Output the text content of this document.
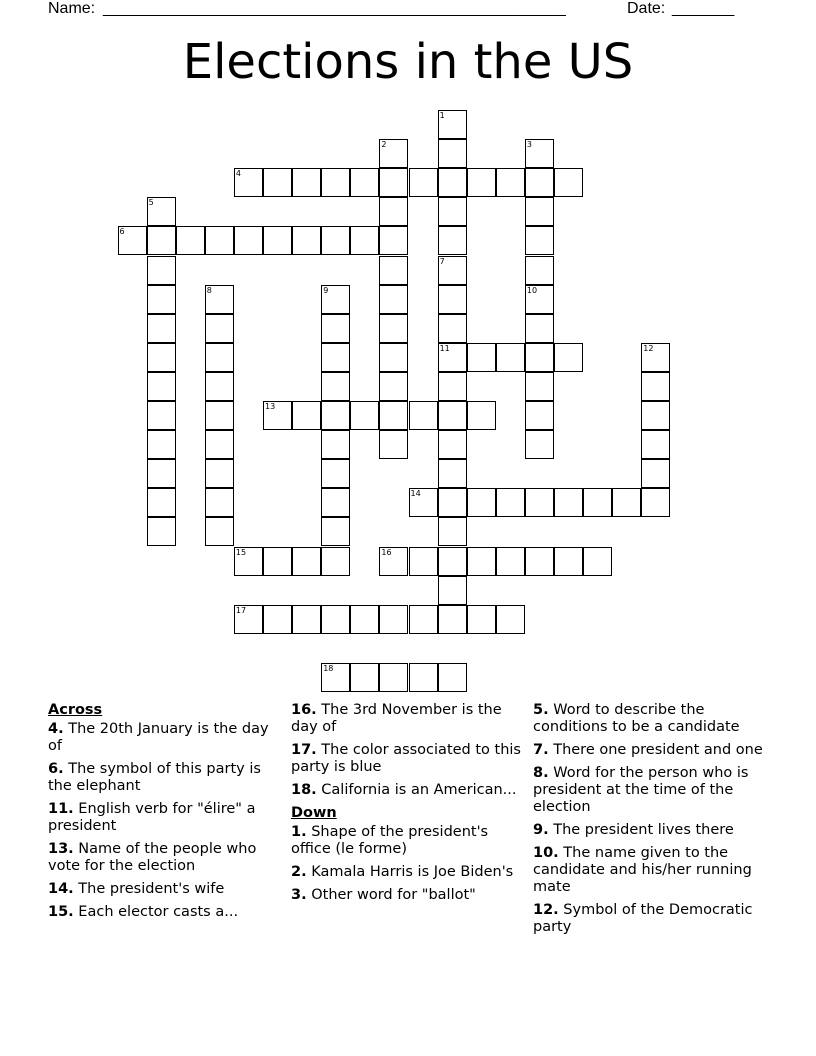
Name: ____________________________________________________	Date: _______
Elections in the US
1
2	3
4
5
6
7
8	9	10
11	12
13
14
15	16
17
18
Across
4. The 20th January is the day of
6. The symbol of this party is the elephant
11. English verb for "élire" a president
13. Name of the people who vote for the election
14. The president's wife
15. Each elector casts a...
16. The 3rd November is the day of
17. The color associated to this party is blue
18. California is an American...
Down
1. Shape of the president's office (le forme)
2. Kamala Harris is Joe Biden's
3. Other word for "ballot"
5. Word to describe the conditions to be a candidate
7. There one president and one
8. Word for the person who is president at the time of the election
9. The president lives there
10. The name given to the candidate and his/her running mate
12. Symbol of the Democratic party
